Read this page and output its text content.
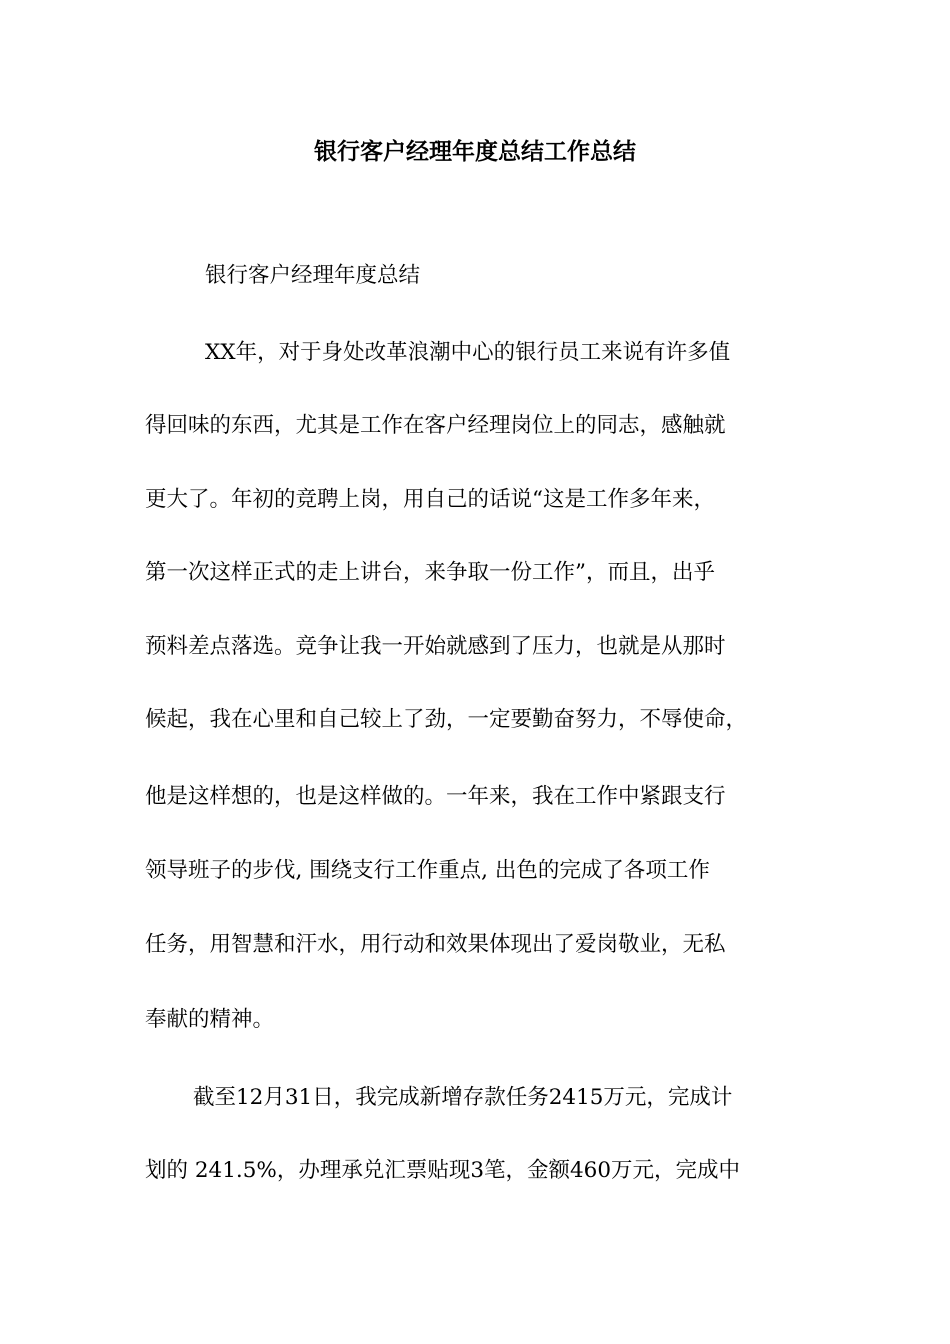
银行客户经理年度总结工作总结
银行客户经理年度总结
XX年，对于身处改革浪潮中心的银行员工来说有许多值
得回味的东西，尤其是工作在客户经理岗位上的同志，感触就
更大了。年初的竞聘上岗，用自己的话说“这是工作多年来，
第一次这样正式的走上讲台，来争取一份工作”，而且，出乎
预料差点落选。竞争让我一开始就感到了压力，也就是从那时
候起，我在心里和自己较上了劲，一定要勤奋努力，不辱使命，
他是这样想的，也是这样做的。一年来，我在工作中紧跟支行
领导班子的步伐, 围绕支行工作重点, 出色的完成了各项工作
任务，用智慧和汗水，用行动和效果体现出了爱岗敬业，无私
奉献的精神。
截至12月31日，我完成新增存款任务2415万元，完成计
划的 241.5%，办理承兑汇票贴现3笔，金额460万元，完成中
